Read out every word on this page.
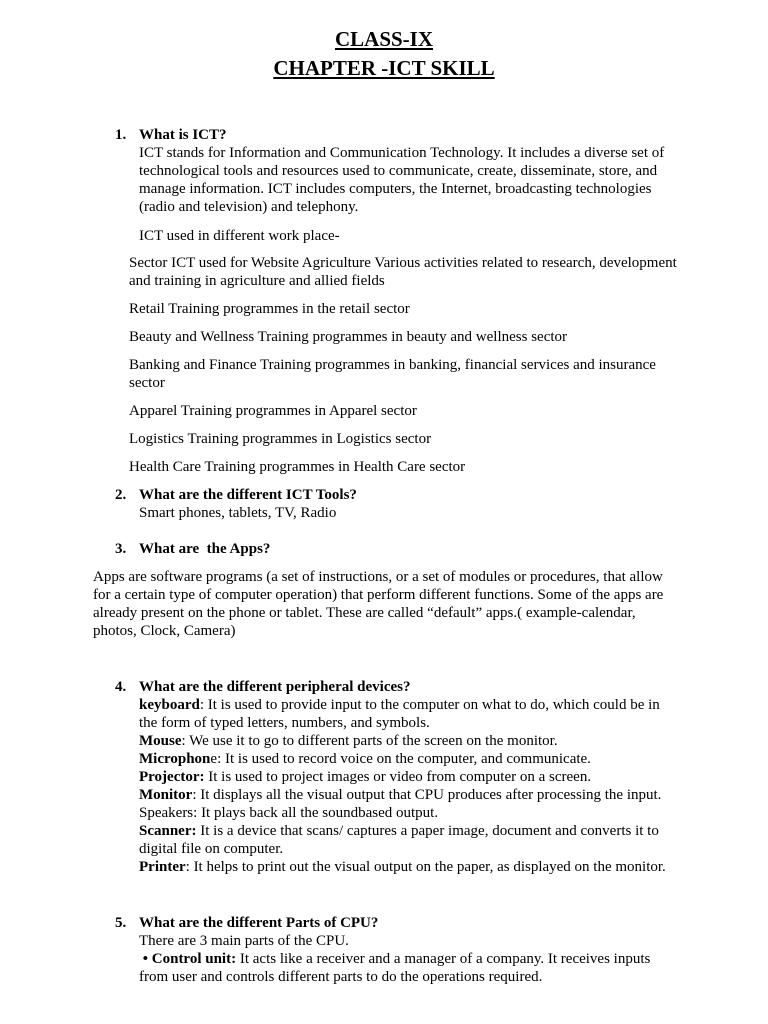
CLASS-IX
CHAPTER -ICT SKILL
1. What is ICT?

ICT stands for Information and Communication Technology. It includes a diverse set of technological tools and resources used to communicate, create, disseminate, store, and manage information. ICT includes computers, the Internet, broadcasting technologies (radio and television) and telephony.

ICT used in different work place-

Sector ICT used for Website Agriculture Various activities related to research, development and training in agriculture and allied fields

Retail Training programmes in the retail sector

Beauty and Wellness Training programmes in beauty and wellness sector

Banking and Finance Training programmes in banking, financial services and insurance sector

Apparel Training programmes in Apparel sector

Logistics Training programmes in Logistics sector

Health Care Training programmes in Health Care sector

2. What are the different ICT Tools?

Smart phones, tablets, TV, Radio

3. What are  the Apps?

Apps are software programs (a set of instructions, or a set of modules or procedures, that allow for a certain type of computer operation) that perform different functions. Some of the apps are already present on the phone or tablet. These are called “default” apps.( example-calendar, photos, Clock, Camera)

4. What are the different peripheral devices?

keyboard: It is used to provide input to the computer on what to do, which could be in the form of typed letters, numbers, and symbols.

Mouse: We use it to go to different parts of the screen on the monitor.

Microphone: It is used to record voice on the computer, and communicate.

Projector: It is used to project images or video from computer on a screen.

Monitor: It displays all the visual output that CPU produces after processing the input. Speakers: It plays back all the soundbased output.

Scanner: It is a device that scans/ captures a paper image, document and converts it to digital file on computer.

Printer: It helps to print out the visual output on the paper, as displayed on the monitor.

5. What are the different Parts of CPU?

There are 3 main parts of the CPU.

• Control unit: It acts like a receiver and a manager of a company. It receives inputs from user and controls different parts to do the operations required.
